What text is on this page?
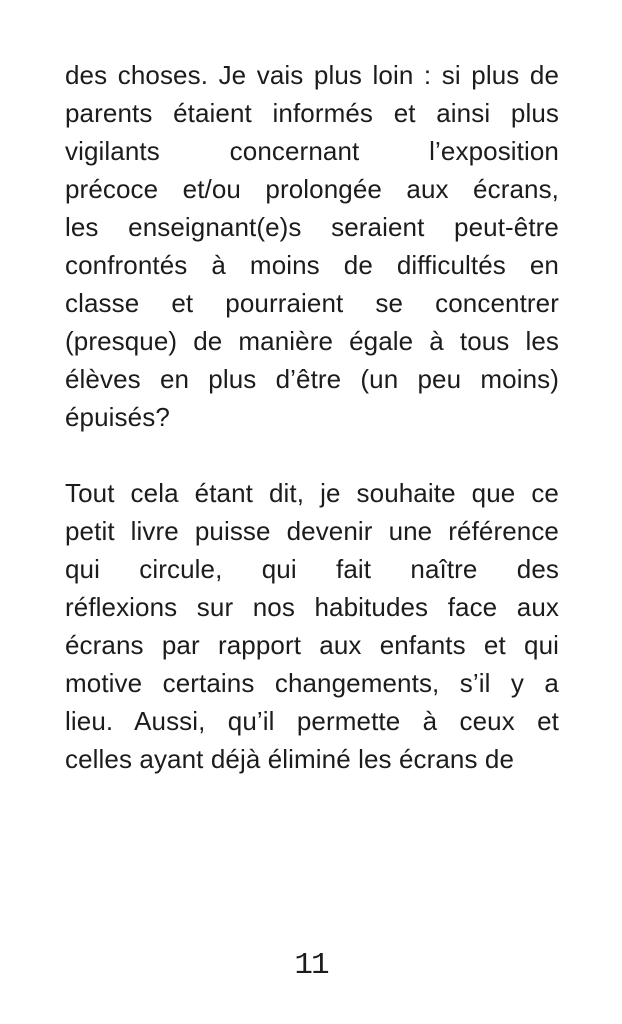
des choses. Je vais plus loin : si plus de
parents étaient informés et ainsi plus
vigilants concernant l’exposition
précoce et/ou prolongée aux écrans,
les enseignant(e)s seraient peut-être
confrontés à moins de difficultés en
classe et pourraient se concentrer
(presque) de manière égale à tous les
élèves en plus d’être (un peu moins)
épuisés?
Tout cela étant dit, je souhaite que ce
petit livre puisse devenir une référence
qui circule, qui fait naître des
réflexions sur nos habitudes face aux
écrans par rapport aux enfants et qui
motive certains changements, s’il y a
lieu. Aussi, qu’il permette à ceux et
celles ayant déjà éliminé les écrans de
11
